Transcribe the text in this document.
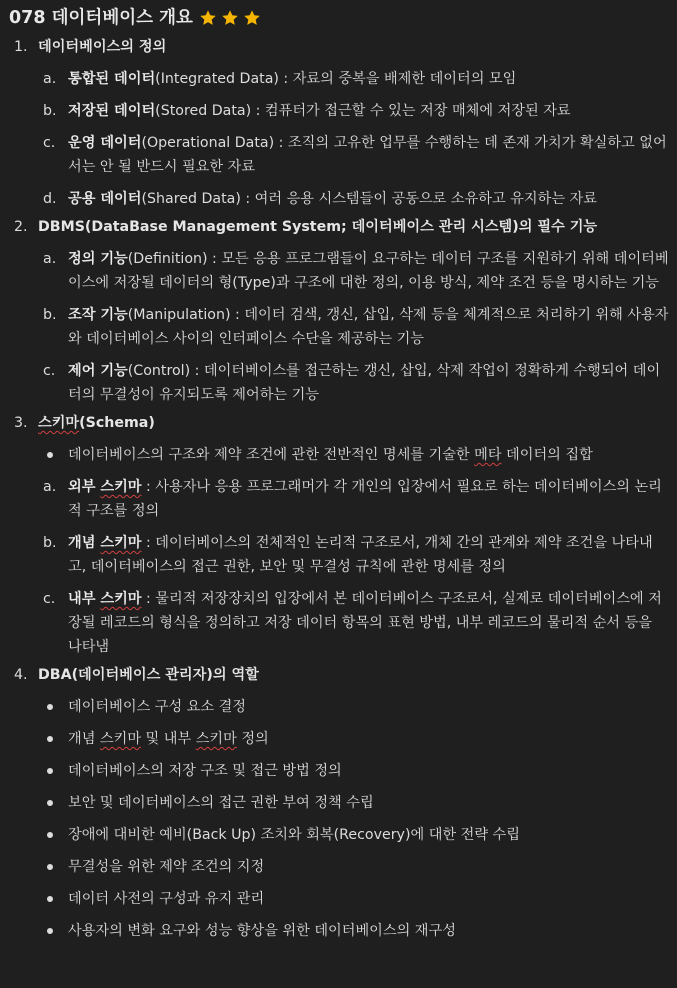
078 데이터베이스 개요
1. 데이터베이스의 정의
a. 통합된 데이터(Integrated Data) : 자료의 중복을 배제한 데이터의 모임
b. 저장된 데이터(Stored Data) : 컴퓨터가 접근할 수 있는 저장 매체에 저장된 자료
c. 운영 데이터(Operational Data) : 조직의 고유한 업무를 수행하는 데 존재 가치가 확실하고 없어서는 안 될 반드시 필요한 자료
d. 공용 데이터(Shared Data) : 여러 응용 시스템들이 공동으로 소유하고 유지하는 자료
2. DBMS(DataBase Management System; 데이터베이스 관리 시스템)의 필수 기능
a. 정의 기능(Definition) : 모든 응용 프로그램들이 요구하는 데이터 구조를 지원하기 위해 데이터베이스에 저장될 데이터의 형(Type)과 구조에 대한 정의, 이용 방식, 제약 조건 등을 명시하는 기능
b. 조작 기능(Manipulation) : 데이터 검색, 갱신, 삽입, 삭제 등을 체계적으로 처리하기 위해 사용자와 데이터베이스 사이의 인터페이스 수단을 제공하는 기능
c. 제어 기능(Control) : 데이터베이스를 접근하는 갱신, 삽입, 삭제 작업이 정확하게 수행되어 데이터의 무결성이 유지되도록 제어하는 기능
3. 스키마(Schema)
데이터베이스의 구조와 제약 조건에 관한 전반적인 명세를 기술한 메타 데이터의 집합
a. 외부 스키마 : 사용자나 응용 프로그래머가 각 개인의 입장에서 필요로 하는 데이터베이스의 논리적 구조를 정의
b. 개념 스키마 : 데이터베이스의 전체적인 논리적 구조로서, 개체 간의 관계와 제약 조건을 나타내고, 데이터베이스의 접근 권한, 보안 및 무결성 규칙에 관한 명세를 정의
c. 내부 스키마 : 물리적 저장장치의 입장에서 본 데이터베이스 구조로서, 실제로 데이터베이스에 저장될 레코드의 형식을 정의하고 저장 데이터 항목의 표현 방법, 내부 레코드의 물리적 순서 등을 나타냄
4. DBA(데이터베이스 관리자)의 역할
데이터베이스 구성 요소 결정
개념 스키마 및 내부 스키마 정의
데이터베이스의 저장 구조 및 접근 방법 정의
보안 및 데이터베이스의 접근 권한 부여 정책 수립
장애에 대비한 예비(Back Up) 조치와 회복(Recovery)에 대한 전략 수립
무결성을 위한 제약 조건의 지정
데이터 사전의 구성과 유지 관리
사용자의 변화 요구와 성능 향상을 위한 데이터베이스의 재구성
